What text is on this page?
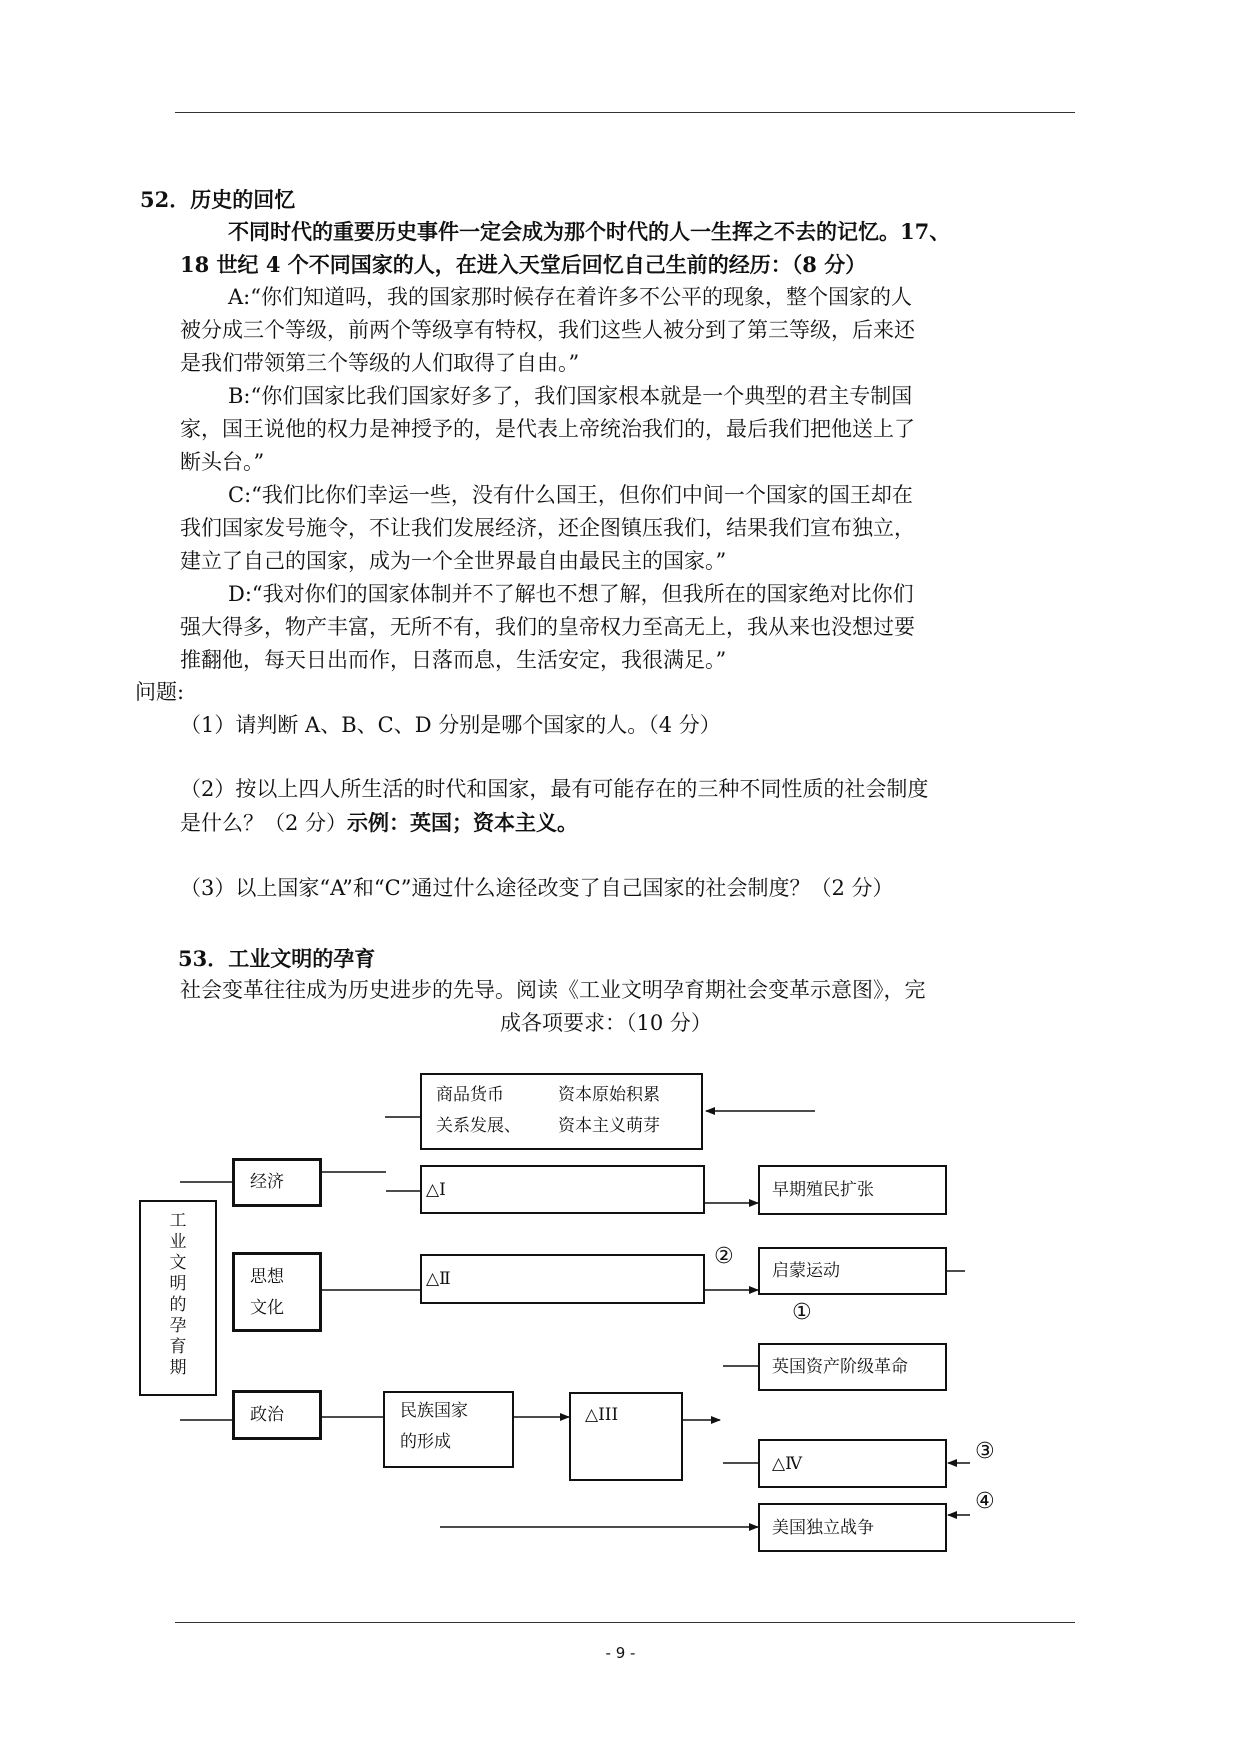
52．历史的回忆
不同时代的重要历史事件一定会成为那个时代的人一生挥之不去的记忆。17、
18 世纪 4 个不同国家的人，在进入天堂后回忆自己生前的经历：（8 分）
A:“你们知道吗，我的国家那时候存在着许多不公平的现象，整个国家的人
被分成三个等级，前两个等级享有特权，我们这些人被分到了第三等级，后来还
是我们带领第三个等级的人们取得了自由。”
B:“你们国家比我们国家好多了，我们国家根本就是一个典型的君主专制国
家，国王说他的权力是神授予的，是代表上帝统治我们的，最后我们把他送上了
断头台。”
C:“我们比你们幸运一些，没有什么国王，但你们中间一个国家的国王却在
我们国家发号施令，不让我们发展经济，还企图镇压我们，结果我们宣布独立，
建立了自己的国家，成为一个全世界最自由最民主的国家。”
D:“我对你们的国家体制并不了解也不想了解，但我所在的国家绝对比你们
强大得多，物产丰富，无所不有，我们的皇帝权力至高无上，我从来也没想过要
推翻他，每天日出而作，日落而息，生活安定，我很满足。”
问题:
（1）请判断 A、B、C、D 分别是哪个国家的人。（4 分）
（2）按以上四人所生活的时代和国家，最有可能存在的三种不同性质的社会制度
是什么？（2 分）示例：英国；资本主义。
（3）以上国家“A”和“C”通过什么途径改变了自己国家的社会制度？（2 分）
53．工业文明的孕育
社会变革往往成为历史进步的先导。阅读《工业文明孕育期社会变革示意图》，完
成各项要求：（10 分）
商品货币	资本原始积累
关系发展、 资本主义萌芽
工
业
文
明
的
孕
育
期
经济
思想
文化
政治
△Ⅰ
△Ⅱ
早期殖民扩张
启蒙运动
英国资产阶级革命
民族国家
的形成
△III
△Ⅳ
美国独立战争
①
②
③
④
- 9 -
